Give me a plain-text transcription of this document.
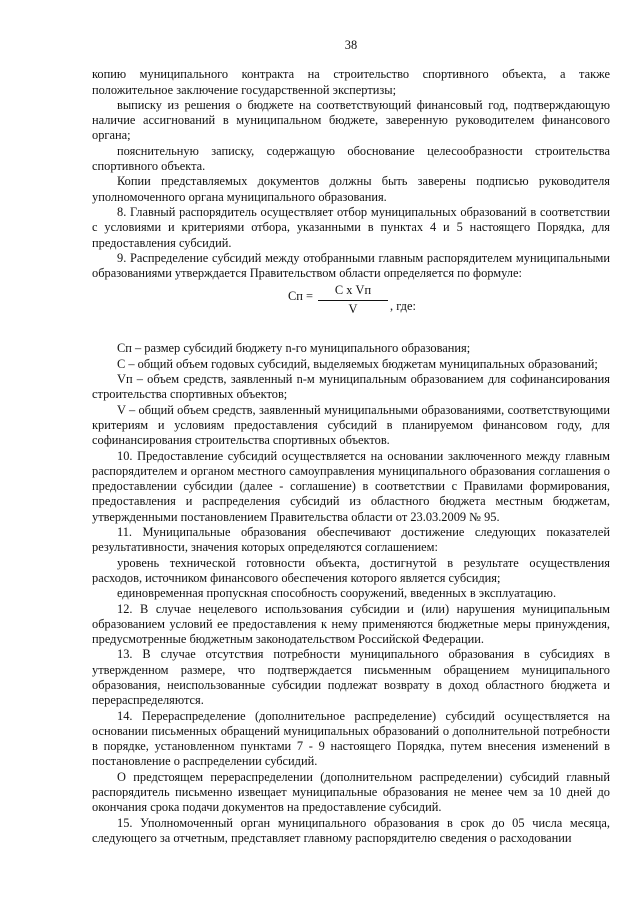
38

копию муниципального контракта на строительство спортивного объекта, а также положительное заключение государственной экспертизы;

выписку из решения о бюджете на соответствующий финансовый год, подтверждающую наличие ассигнований в муниципальном бюджете, заверенную руководителем финансового органа;

пояснительную записку, содержащую обоснование целесообразности строительства спортивного объекта.

Копии представляемых документов должны быть заверены подписью руководителя уполномоченного органа муниципального образования.

8. Главный распорядитель осуществляет отбор муниципальных образований в соответствии с условиями и критериями отбора, указанными в пунктах 4 и 5 настоящего Порядка, для предоставления субсидий.

9. Распределение субсидий между отобранными главным распорядителем муниципальными образованиями утверждается Правительством области определяется по формуле:

Сп =	С х Vп
V	, где:

Сп – размер субсидий бюджету n-го муниципального образования;

С – общий объем годовых субсидий, выделяемых бюджетам муниципальных образований;

Vп – объем средств, заявленный n-м муниципальным образованием для софинансирования строительства спортивных объектов;

V – общий объем средств, заявленный муниципальными образованиями, соответствующими критериям и условиям предоставления субсидий в планируемом финансовом году, для софинансирования строительства спортивных объектов.

10. Предоставление субсидий осуществляется на основании заключенного между главным распорядителем и органом местного самоуправления муниципального образования соглашения о предоставлении субсидии (далее - соглашение) в соответствии с Правилами формирования, предоставления и распределения субсидий из областного бюджета местным бюджетам, утвержденными постановлением Правительства области от 23.03.2009 № 95.

11. Муниципальные образования обеспечивают достижение следующих показателей результативности, значения которых определяются соглашением:

уровень технической готовности объекта, достигнутой в результате осуществления расходов, источником финансового обеспечения которого является субсидия;

единовременная пропускная способность сооружений, введенных в эксплуатацию.

12. В случае нецелевого использования субсидии и (или) нарушения муниципальным образованием условий ее предоставления к нему применяются бюджетные меры принуждения, предусмотренные бюджетным законодательством Российской Федерации.

13. В случае отсутствия потребности муниципального образования в субсидиях в утвержденном размере, что подтверждается письменным обращением муниципального образования, неиспользованные субсидии подлежат возврату в доход областного бюджета и перераспределяются.

14. Перераспределение (дополнительное распределение) субсидий осуществляется на основании письменных обращений муниципальных образований о дополнительной потребности в порядке, установленном пунктами 7 - 9 настоящего Порядка, путем внесения изменений в постановление о распределении субсидий.

О предстоящем перераспределении (дополнительном распределении) субсидий главный распорядитель письменно извещает муниципальные образования не менее чем за 10 дней до окончания срока подачи документов на предоставление субсидий.

15. Уполномоченный орган муниципального образования в срок до 05 числа месяца, следующего за отчетным, представляет главному распорядителю сведения о расходовании
